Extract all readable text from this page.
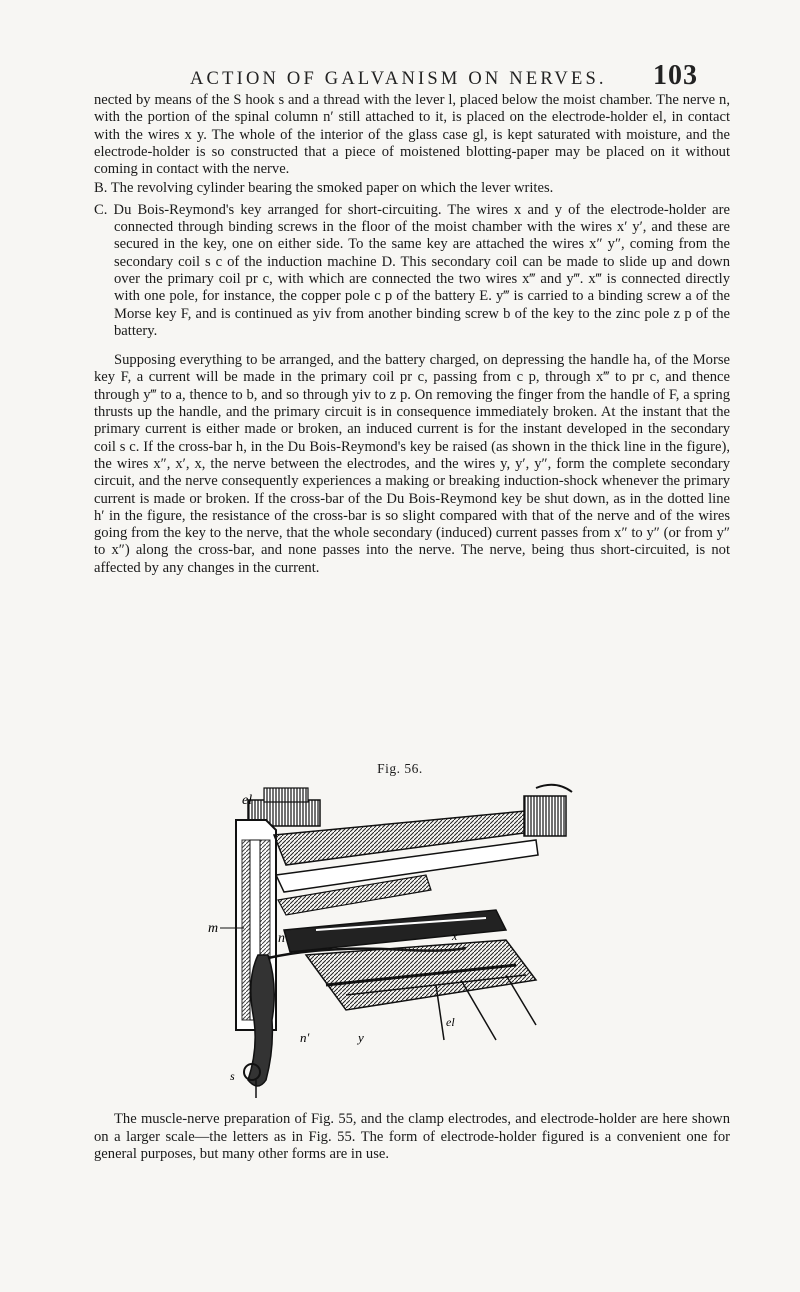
ACTION OF GALVANISM ON NERVES. 103

nected by means of the S hook s and a thread with the lever l, placed below the moist chamber. The nerve n, with the portion of the spinal column n′ still attached to it, is placed on the electrode-holder el, in contact with the wires x y. The whole of the interior of the glass case gl, is kept saturated with moisture, and the electrode-holder is so constructed that a piece of moistened blotting-paper may be placed on it without coming in contact with the nerve.

B. The revolving cylinder bearing the smoked paper on which the lever writes.

C. Du Bois-Reymond's key arranged for short-circuiting. The wires x and y of the electrode-holder are connected through binding screws in the floor of the moist chamber with the wires x′ y′, and these are secured in the key, one on either side. To the same key are attached the wires x″ y″, coming from the secondary coil s c of the induction machine D. This secondary coil can be made to slide up and down over the primary coil pr c, with which are connected the two wires x‴ and y‴. x‴ is connected directly with one pole, for instance, the copper pole c p of the battery E. y‴ is carried to a binding screw a of the Morse key F, and is continued as yiv from another binding screw b of the key to the zinc pole z p of the battery.

Supposing everything to be arranged, and the battery charged, on depressing the handle ha, of the Morse key F, a current will be made in the primary coil pr c, passing from c p, through x‴ to pr c, and thence through y‴ to a, thence to b, and so through yiv to z p. On removing the finger from the handle of F, a spring thrusts up the handle, and the primary circuit is in consequence immediately broken. At the instant that the primary current is either made or broken, an induced current is for the instant developed in the secondary coil s c. If the cross-bar h, in the Du Bois-Reymond's key be raised (as shown in the thick line in the figure), the wires x″, x′, x, the nerve between the electrodes, and the wires y, y′, y″, form the complete secondary circuit, and the nerve consequently experiences a making or breaking induction-shock whenever the primary current is made or broken. If the cross-bar of the Du Bois-Reymond key be shut down, as in the dotted line h′ in the figure, the resistance of the cross-bar is so slight compared with that of the nerve and of the wires going from the key to the nerve, that the whole secondary (induced) current passes from x″ to y″ (or from y″ to x″) along the cross-bar, and none passes into the nerve. The nerve, being thus short-circuited, is not affected by any changes in the current.

Fig. 56.
el
m
n	x
el
n′	y
s
The muscle-nerve preparation of Fig. 55, and the clamp electrodes, and electrode-holder are here shown on a larger scale—the letters as in Fig. 55. The form of electrode-holder figured is a convenient one for general purposes, but many other forms are in use.
